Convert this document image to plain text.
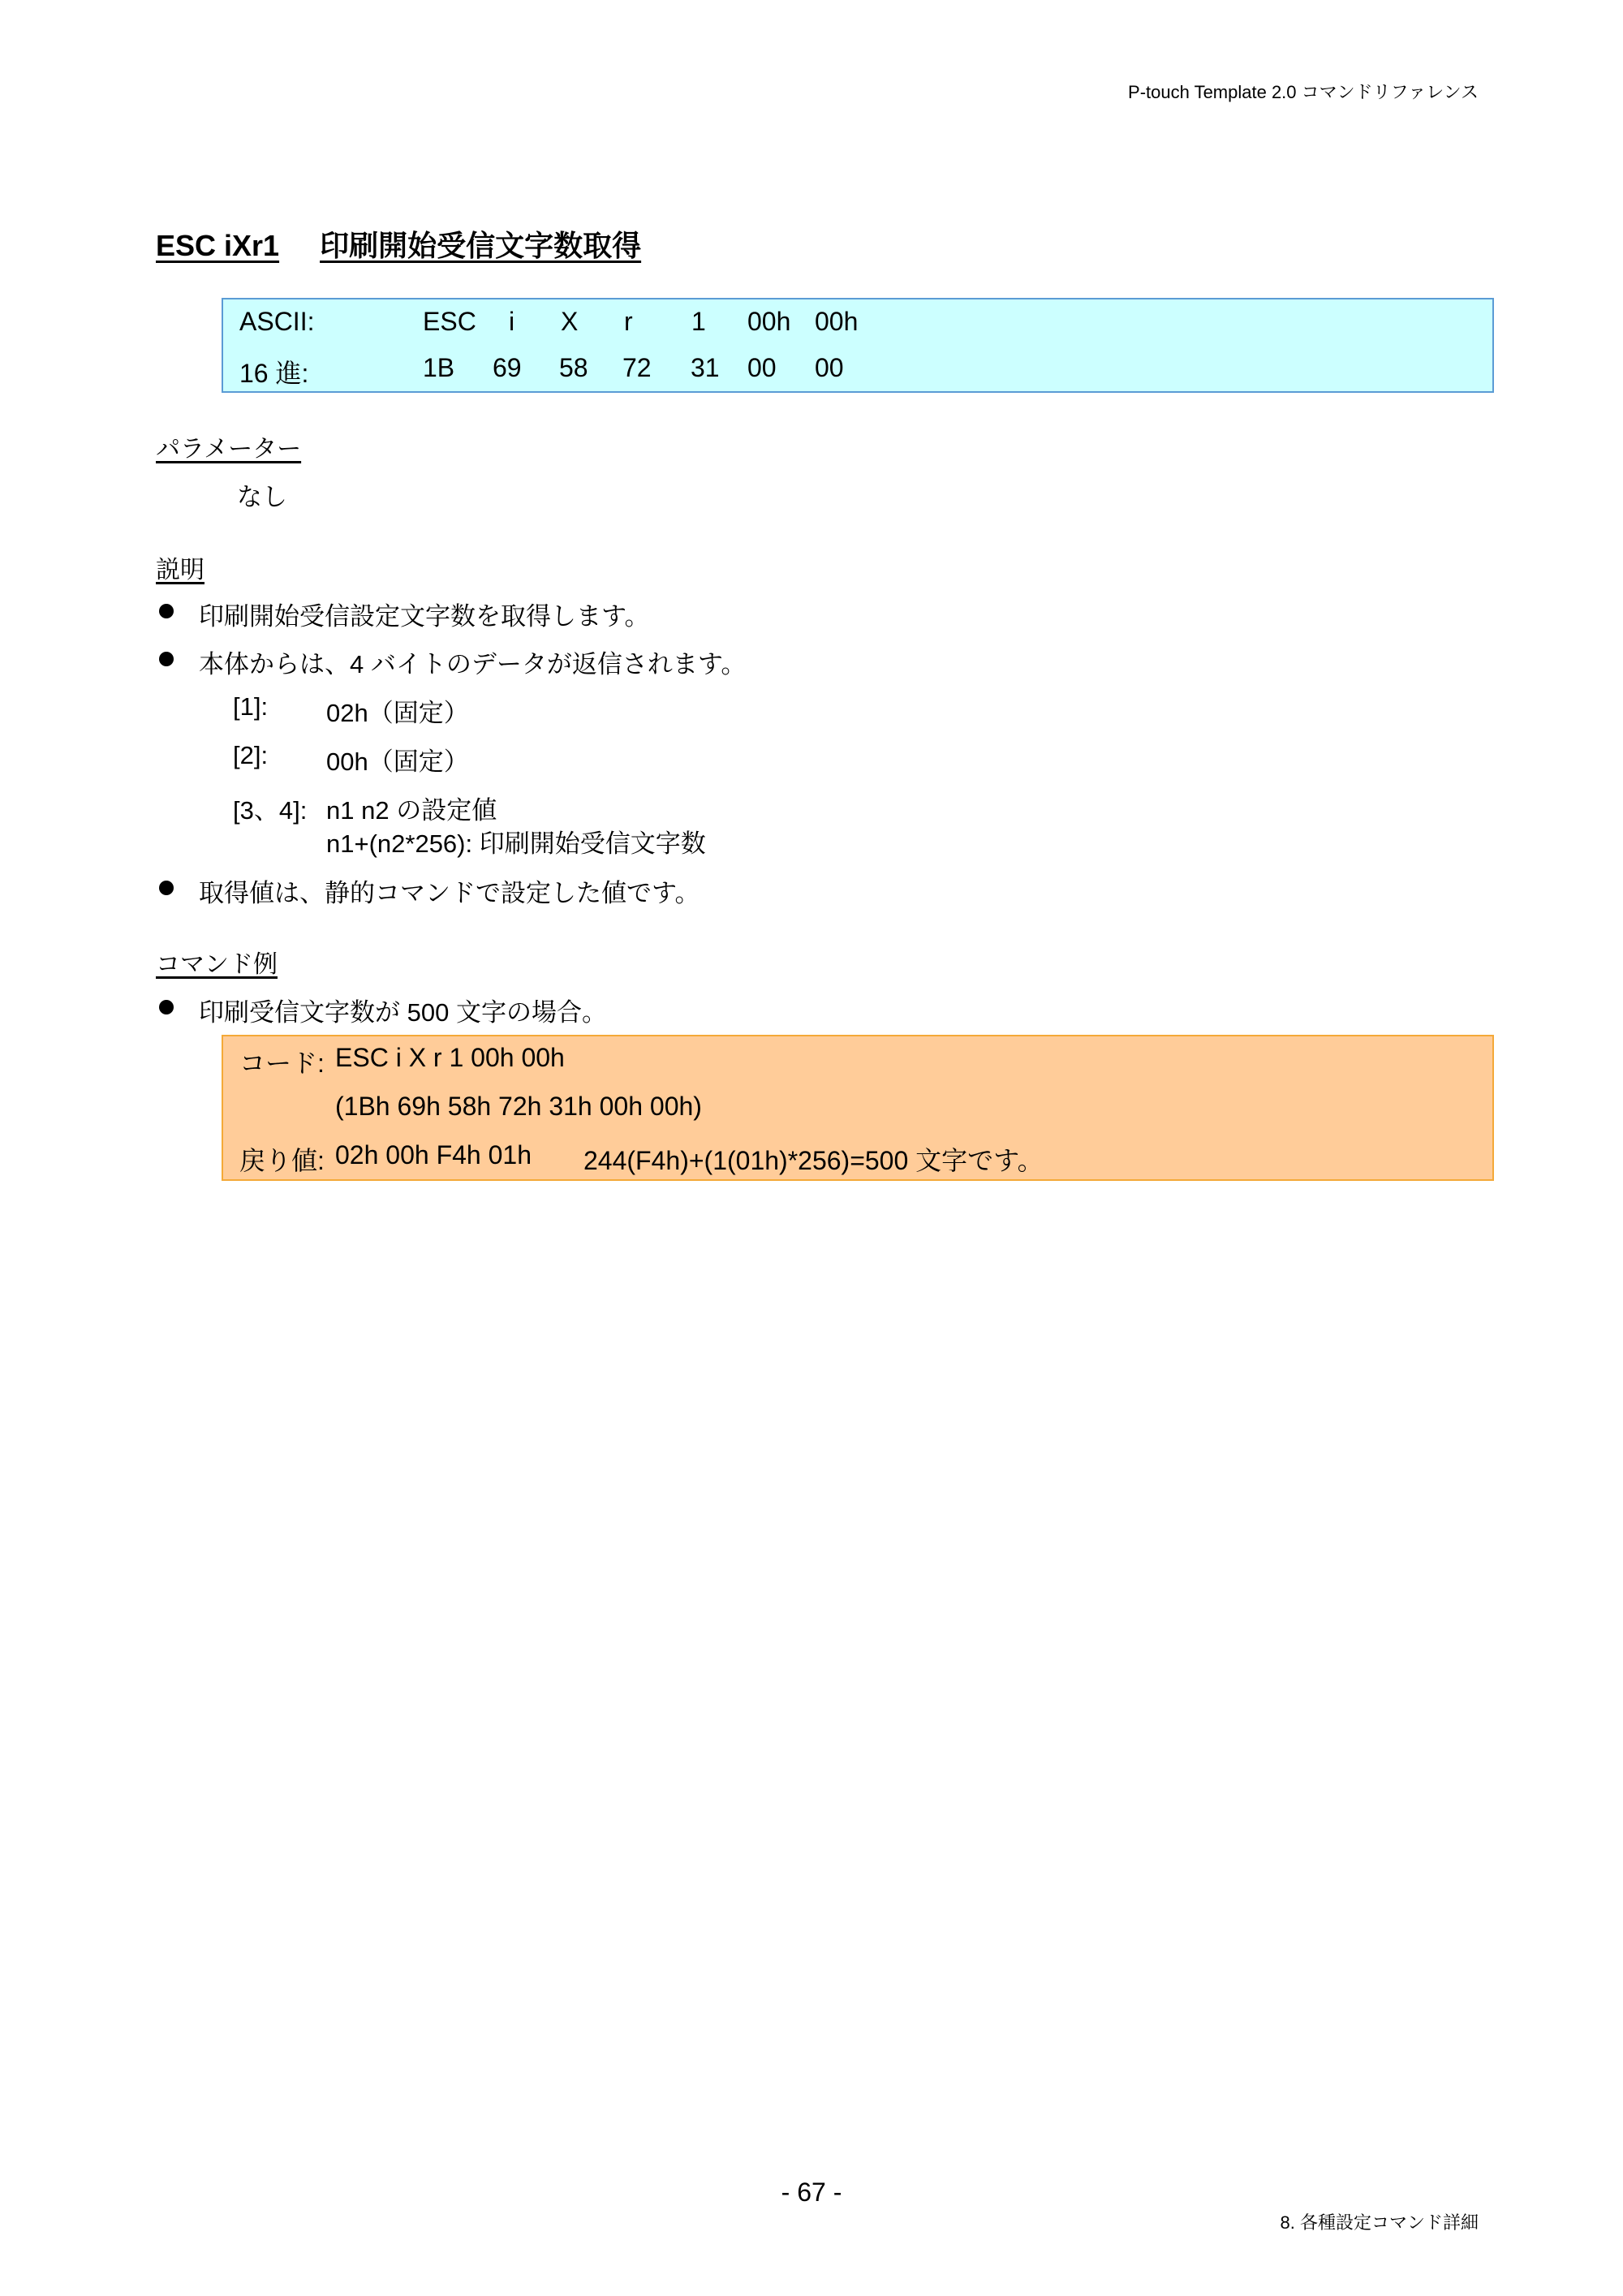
P-touch Template 2.0 コマンドリファレンス
ESC iXr1 印刷開始受信文字数取得
ASCII:	ESC i X r 1 00h 00h
16 進:	1B 69 58 72 31 00 00
パラメーター
なし
説明
印刷開始受信設定文字数を取得します。
本体からは、4 バイトのデータが返信されます。
[1]: 02h（固定）
[2]: 00h（固定）
[3、4]: n1 n2 の設定値
n1+(n2*256): 印刷開始受信文字数
取得値は、静的コマンドで設定した値です。
コマンド例
印刷受信文字数が 500 文字の場合。
コード: ESC i X r 1 00h 00h
(1Bh 69h 58h 72h 31h 00h 00h)
戻り値: 02h 00h F4h 01h 244(F4h)+(1(01h)*256)=500 文字です。
- 67 -
8. 各種設定コマンド詳細
